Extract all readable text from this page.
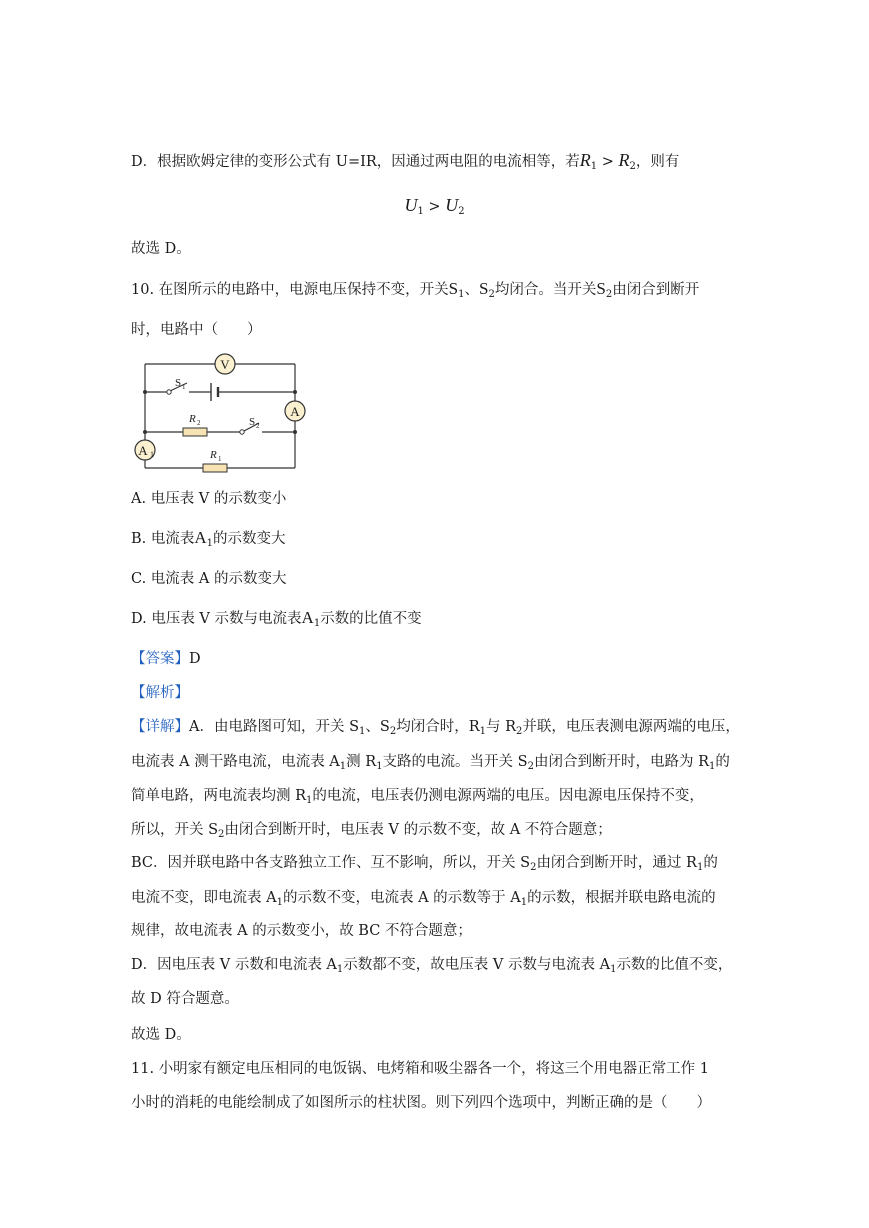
D．根据欧姆定律的变形公式有 U=IR，因通过两电阻的电流相等，若$R_1 > R_2$，则有
$U_1 > U_2$
故选 D。
10. 在图所示的电路中，电源电压保持不变，开关$S_1$、$S_2$均闭合。当开关$S_2$由闭合到断开
时，电路中（　　）
V
A
A 1
S 1
S 2
R 2
R 1
A. 电压表 V 的示数变小
B. 电流表$A_1$的示数变大
C. 电流表 A 的示数变大
D. 电压表 V 示数与电流表$A_1$示数的比值不变
【答案】D
【解析】
【详解】A．由电路图可知，开关 $S_1$、$S_2$均闭合时，$R_1$与 $R_2$并联，电压表测电源两端的电压，
电流表 A 测干路电流，电流表 $A_1$测 $R_1$支路的电流。当开关 $S_2$由闭合到断开时，电路为 $R_1$的
简单电路，两电流表均测 $R_1$的电流，电压表仍测电源两端的电压。因电源电压保持不变，
所以，开关 $S_2$由闭合到断开时，电压表 V 的示数不变，故 A 不符合题意；
BC．因并联电路中各支路独立工作、互不影响，所以，开关 $S_2$由闭合到断开时，通过 $R_1$的
电流不变，即电流表 $A_1$的示数不变，电流表 A 的示数等于 $A_1$的示数，根据并联电路电流的
规律，故电流表 A 的示数变小，故 BC 不符合题意；
D．因电压表 V 示数和电流表 $A_1$示数都不变，故电压表 V 示数与电流表 $A_1$示数的比值不变，
故 D 符合题意。
故选 D。
11. 小明家有额定电压相同的电饭锅、电烤箱和吸尘器各一个，将这三个用电器正常工作 1
小时的消耗的电能绘制成了如图所示的柱状图。则下列四个选项中，判断正确的是（　　）
